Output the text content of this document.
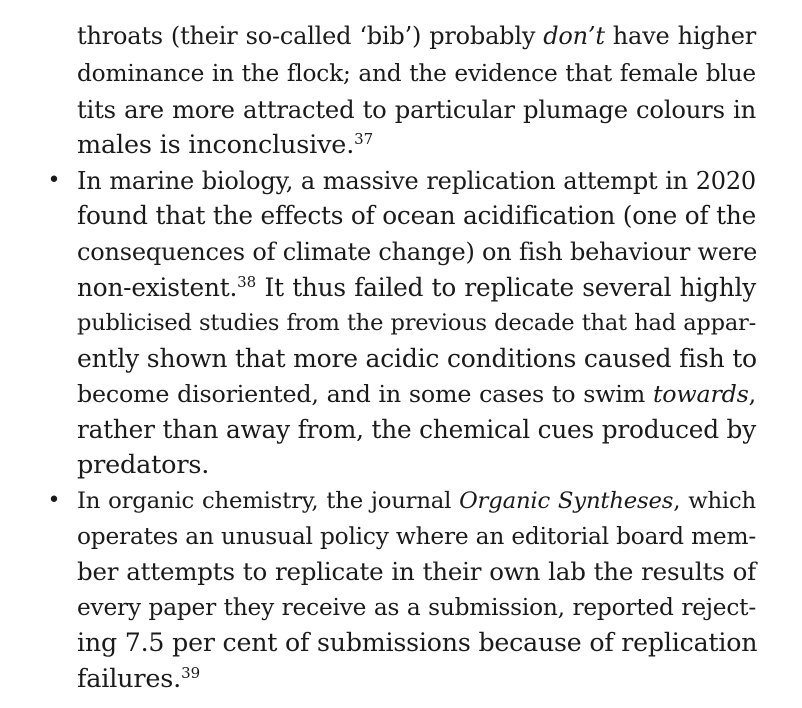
throats (their so-called ‘bib’) probably don’t have higher
dominance in the flock; and the evidence that female blue
tits are more attracted to particular plumage colours in
males is inconclusive.$^{37}$
• In marine biology, a massive replication attempt in 2020
found that the effects of ocean acidification (one of the
consequences of climate change) on fish behaviour were
non-existent.$^{38}$ It thus failed to replicate several highly
publicised studies from the previous decade that had appar-
ently shown that more acidic conditions caused fish to
become disoriented, and in some cases to swim towards,
rather than away from, the chemical cues produced by
predators.
• In organic chemistry, the journal Organic Syntheses, which
operates an unusual policy where an editorial board mem-
ber attempts to replicate in their own lab the results of
every paper they receive as a submission, reported reject-
ing 7.5 per cent of submissions because of replication
failures.$^{39}$
